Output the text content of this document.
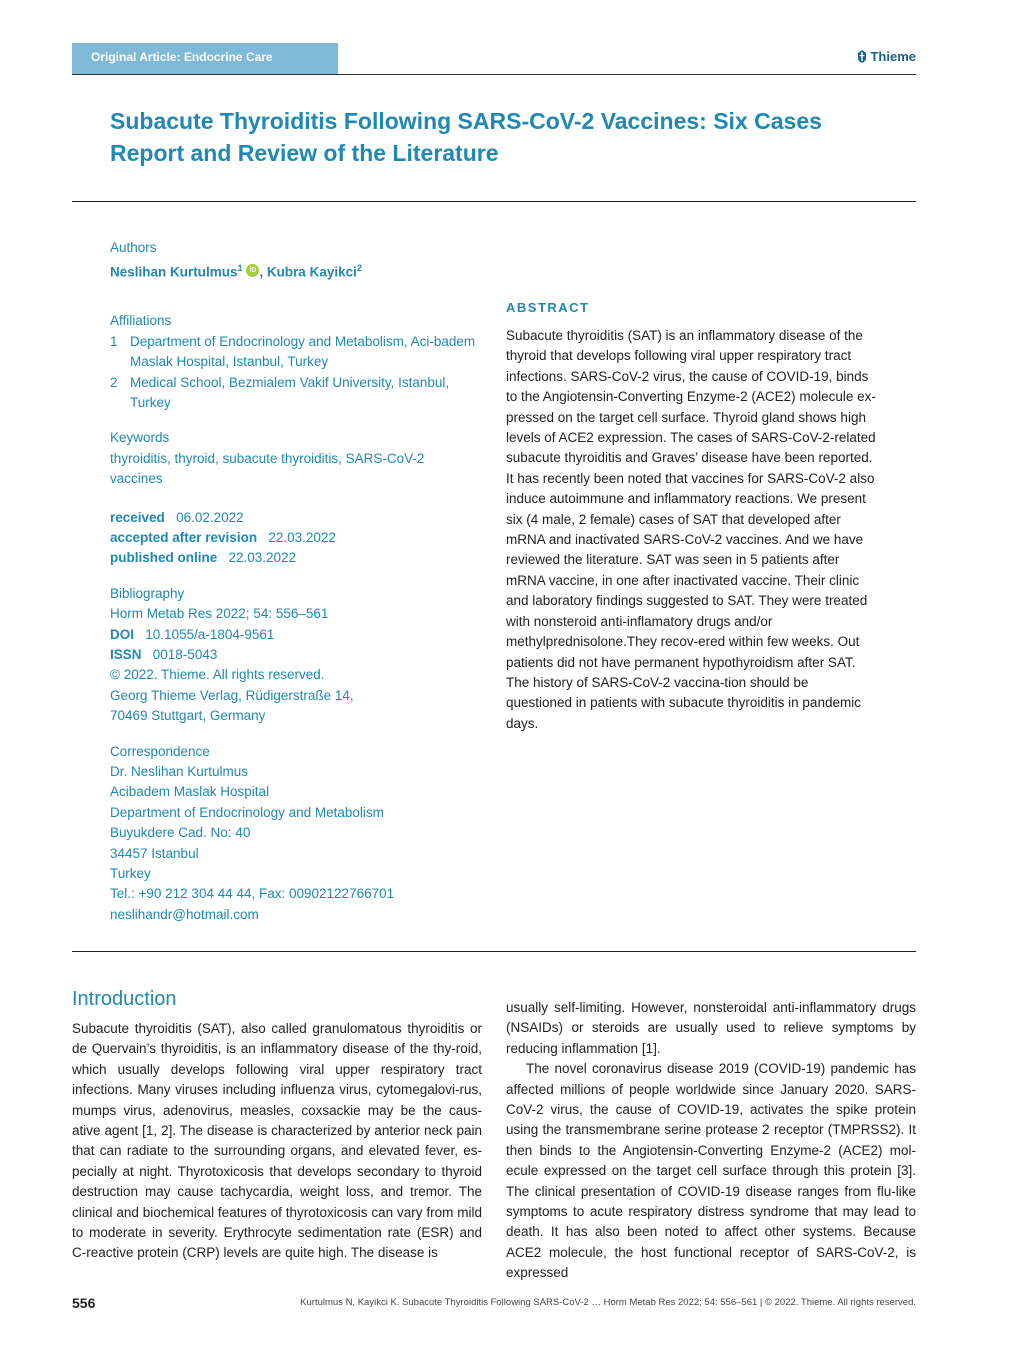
Original Article: Endocrine Care	Thieme
Subacute Thyroiditis Following SARS-CoV-2 Vaccines: Six Cases Report and Review of the Literature

Authors

Neslihan Kurtulmus$^1$ iD , Kubra Kayikci$^2$

Affiliations

1 Department of Endocrinology and Metabolism, Aci-badem Maslak Hospital, Istanbul, Turkey
2 Medical School, Bezmialem Vakif University, Istanbul, Turkey

Keywords

thyroiditis, thyroid, subacute thyroiditis, SARS-CoV-2 vaccines

received 06.02.2022

accepted after revision 22.03.2022

published online 22.03.2022

Bibliography

Horm Metab Res 2022; 54: 556–561

DOI 10.1055/a-1804-9561

ISSN 0018-5043

© 2022. Thieme. All rights reserved.

Georg Thieme Verlag, Rüdigerstraße 14,

70469 Stuttgart, Germany

Correspondence

Dr. Neslihan Kurtulmus

Acibadem Maslak Hospital

Department of Endocrinology and Metabolism

Buyukdere Cad. No: 40

34457 Istanbul

Turkey

Tel.: +90 212 304 44 44, Fax: 00902122766701

neslihandr@hotmail.com

ABSTRACT

Subacute thyroiditis (SAT) is an inflammatory disease of the thyroid that develops following viral upper respiratory tract infections. SARS-CoV-2 virus, the cause of COVID-19, binds to the Angiotensin-Converting Enzyme-2 (ACE2) molecule ex-pressed on the target cell surface. Thyroid gland shows high levels of ACE2 expression. The cases of SARS-CoV-2-related subacute thyroiditis and Graves’ disease have been reported. It has recently been noted that vaccines for SARS-CoV-2 also induce autoimmune and inflammatory reactions. We present six (4 male, 2 female) cases of SAT that developed after mRNA and inactivated SARS-CoV-2 vaccines. And we have reviewed the literature. SAT was seen in 5 patients after mRNA vaccine, in one after inactivated vaccine. Their clinic and laboratory findings suggested to SAT. They were treated with nonsteroid anti-inflamatory drugs and/or methylprednisolone.They recov-ered within few weeks. Out patients did not have permanent hypothyroidism after SAT. The history of SARS-CoV-2 vaccina-tion should be questioned in patients with subacute thyroiditis in pandemic days.

Introduction

Subacute thyroiditis (SAT), also called granulomatous thyroiditis or de Quervain’s thyroiditis, is an inflammatory disease of the thy-roid, which usually develops following viral upper respiratory tract infections. Many viruses including influenza virus, cytomegalovi-rus, mumps virus, adenovirus, measles, coxsackie may be the caus-ative agent [1, 2]. The disease is characterized by anterior neck pain that can radiate to the surrounding organs, and elevated fever, es-pecially at night. Thyrotoxicosis that develops secondary to thyroid destruction may cause tachycardia, weight loss, and tremor. The clinical and biochemical features of thyrotoxicosis can vary from mild to moderate in severity. Erythrocyte sedimentation rate (ESR) and C-reactive protein (CRP) levels are quite high. The disease is

usually self-limiting. However, nonsteroidal anti-inflammatory drugs (NSAIDs) or steroids are usually used to relieve symptoms by reducing inflammation [1].

The novel coronavirus disease 2019 (COVID-19) pandemic has affected millions of people worldwide since January 2020. SARS-CoV-2 virus, the cause of COVID-19, activates the spike protein using the transmembrane serine protease 2 receptor (TMPRSS2). It then binds to the Angiotensin-Converting Enzyme-2 (ACE2) mol-ecule expressed on the target cell surface through this protein [3]. The clinical presentation of COVID-19 disease ranges from flu-like symptoms to acute respiratory distress syndrome that may lead to death. It has also been noted to affect other systems. Because ACE2 molecule, the host functional receptor of SARS-CoV-2, is expressed

556	Kurtulmus N, Kayikci K. Subacute Thyroiditis Following SARS-CoV-2 … Horm Metab Res 2022; 54: 556–561 | © 2022. Thieme. All rights reserved.
